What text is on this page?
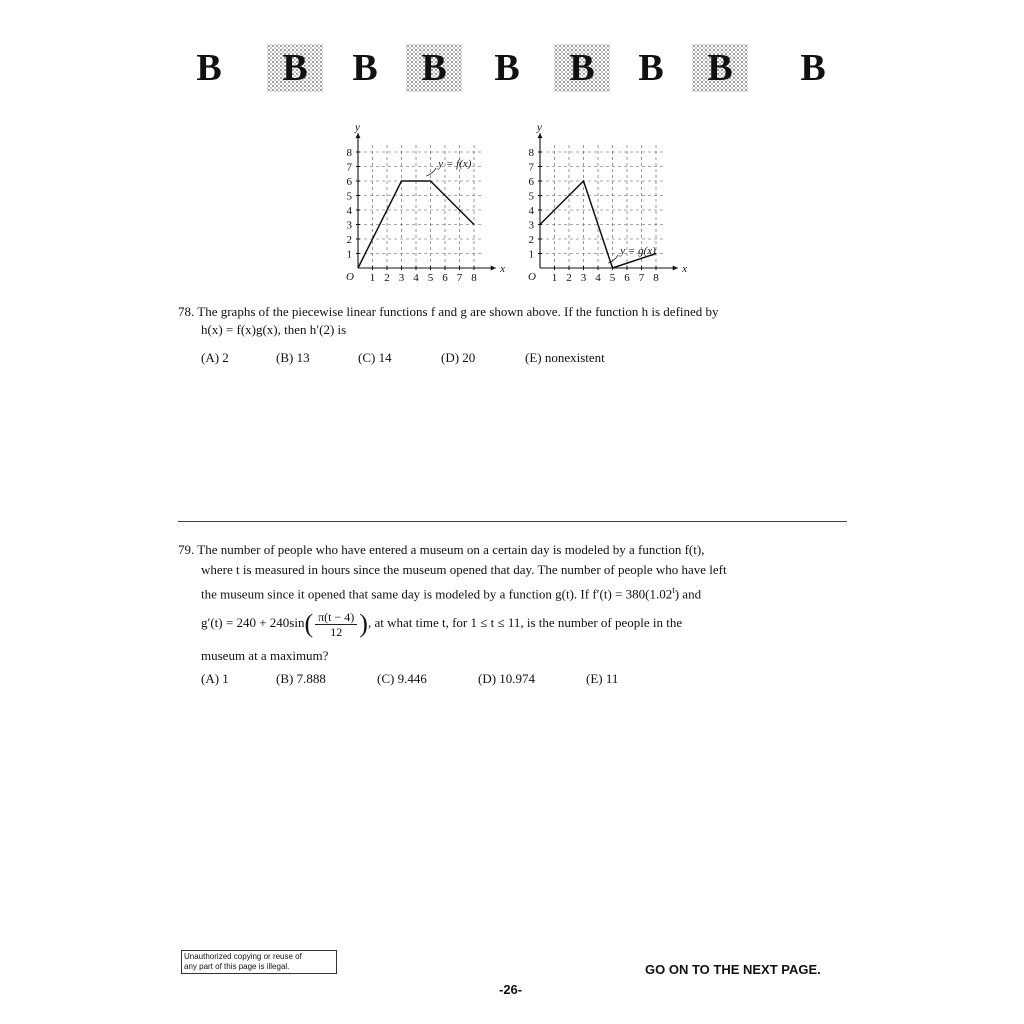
B	B	B	B	B	B	B	B	B
x
y
O 1 2 3 4 5 6 7 8
1
2
3
4
5
6
7
8
y = f(x)
x
y
O 1 2 3 4 5 6 7 8
1
2
3
4
5
6
7
8
y = g(x)
78. The graphs of the piecewise linear functions f and g are shown above. If the function h is defined by
h(x) = f(x)g(x), then h′(2) is
(A) 2	(B) 13	(C) 14	(D) 20	(E) nonexistent
79. The number of people who have entered a museum on a certain day is modeled by a function f(t),
where t is measured in hours since the museum opened that day. The number of people who have left
the museum since it opened that same day is modeled by a function g(t). If $f'(t) = 380(1.02^t)$ and
$g'(t) = 240 + 240\sin( \frac{\pi(t - 4)}{12}$ ), at what time t, for 1 ≤ t ≤ 11, is the number of people in the
museum at a maximum?
(A) 1	(B) 7.888	(C) 9.446	(D) 10.974	(E) 11
Unauthorized copying or reuse of
any part of this page is illegal.	GO ON TO THE NEXT PAGE.
-26-
